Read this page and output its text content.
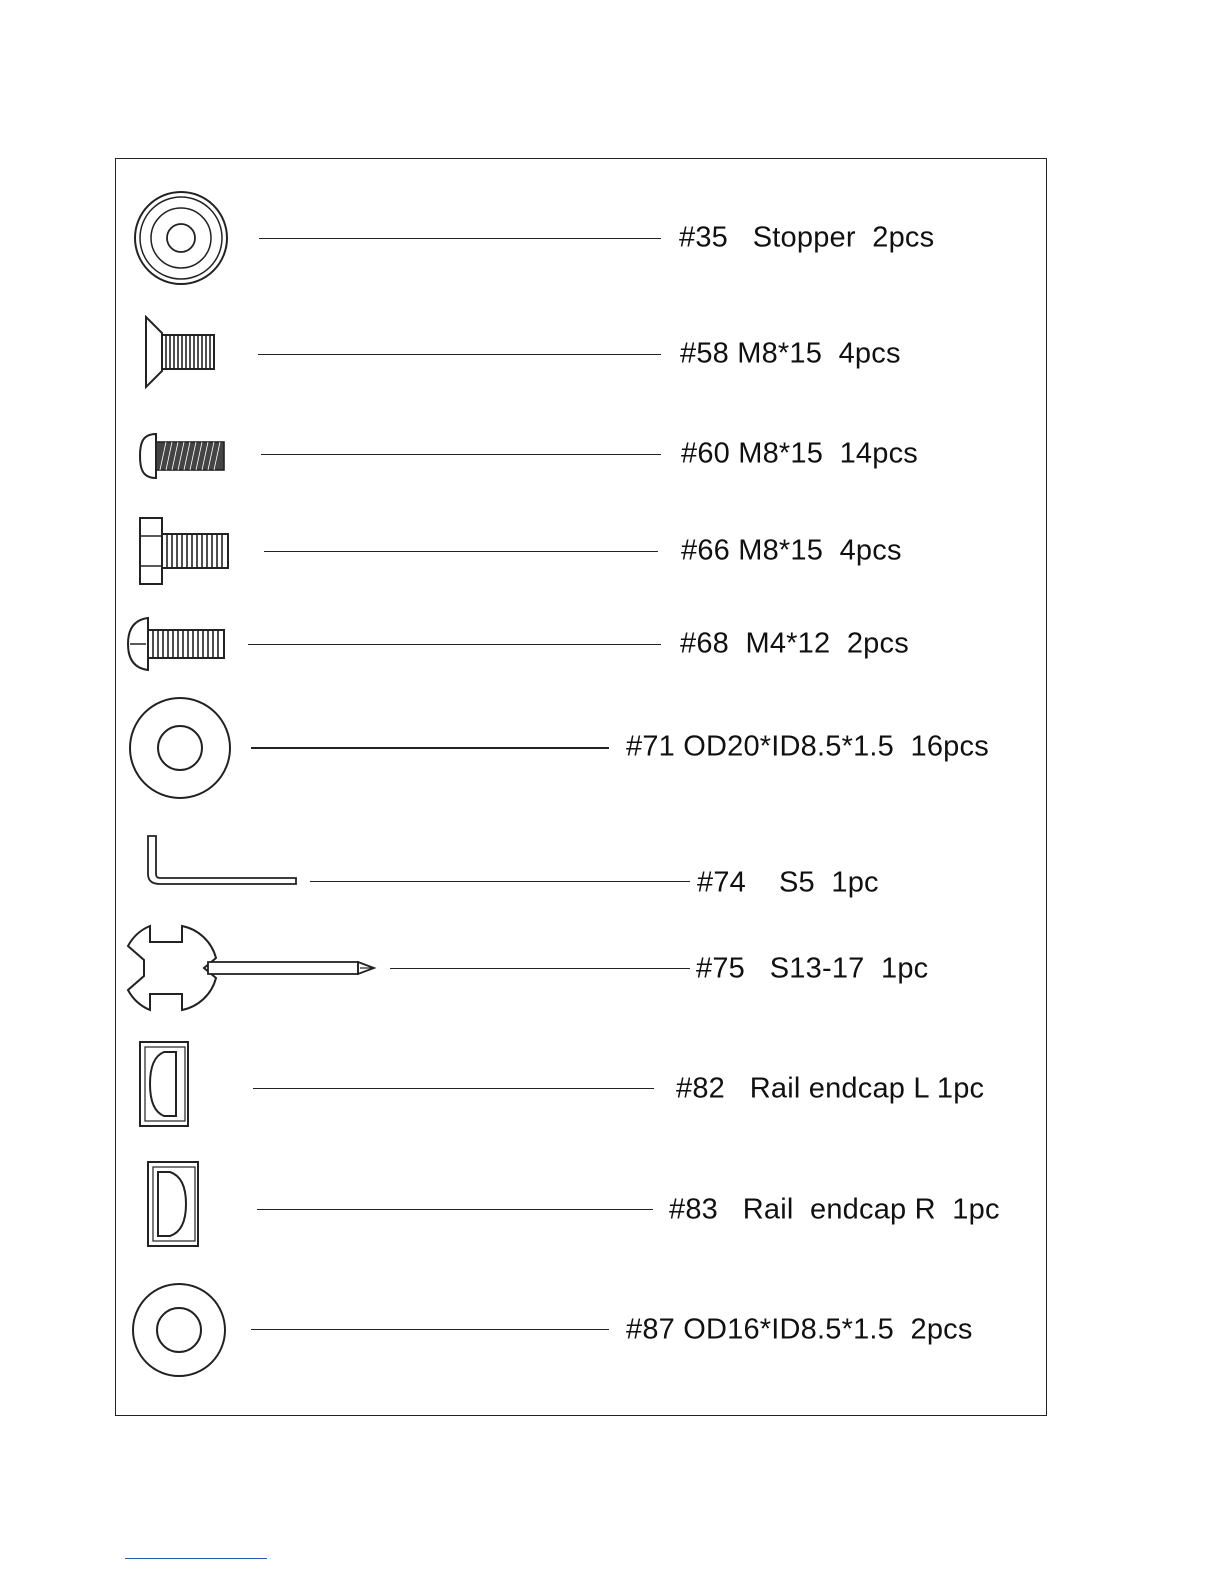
#35   Stopper  2pcs
#58 M8*15  4pcs
#60 M8*15  14pcs
#66 M8*15  4pcs
#68  M4*12  2pcs
#71 OD20*ID8.5*1.5  16pcs
#74    S5  1pc
#75   S13-17  1pc
#82   Rail endcap L 1pc
#83   Rail  endcap R  1pc
#87 OD16*ID8.5*1.5  2pcs
